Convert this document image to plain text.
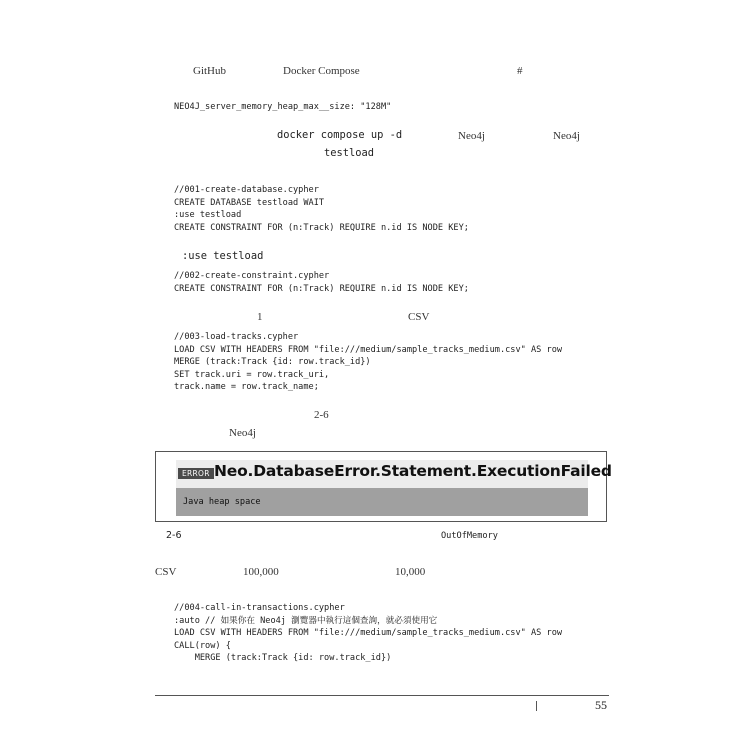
GitHub	Docker Compose	#
NEO4J_server_memory_heap_max__size: "128M"
docker compose up -d	Neo4j	Neo4j
testload
//001-create-database.cypher
CREATE DATABASE testload WAIT
:use testload
CREATE CONSTRAINT FOR (n:Track) REQUIRE n.id IS NODE KEY;
:use testload
//002-create-constraint.cypher
CREATE CONSTRAINT FOR (n:Track) REQUIRE n.id IS NODE KEY;
1	CSV
//003-load-tracks.cypher
LOAD CSV WITH HEADERS FROM "file:///medium/sample_tracks_medium.csv" AS row
MERGE (track:Track {id: row.track_id})
SET track.uri = row.track_uri,
track.name = row.track_name;
2-6
Neo4j
ERROR Neo.DatabaseError.Statement.ExecutionFailed
Java heap space
2-6	OutOfMemory
CSV	100,000	10,000
//004-call-in-transactions.cypher
:auto // 如果你在 Neo4j 瀏覽器中執行這個查詢，就必須使用它
LOAD CSV WITH HEADERS FROM "file:///medium/sample_tracks_medium.csv" AS row
CALL(row) {
MERGE (track:Track {id: row.track_id})
55
